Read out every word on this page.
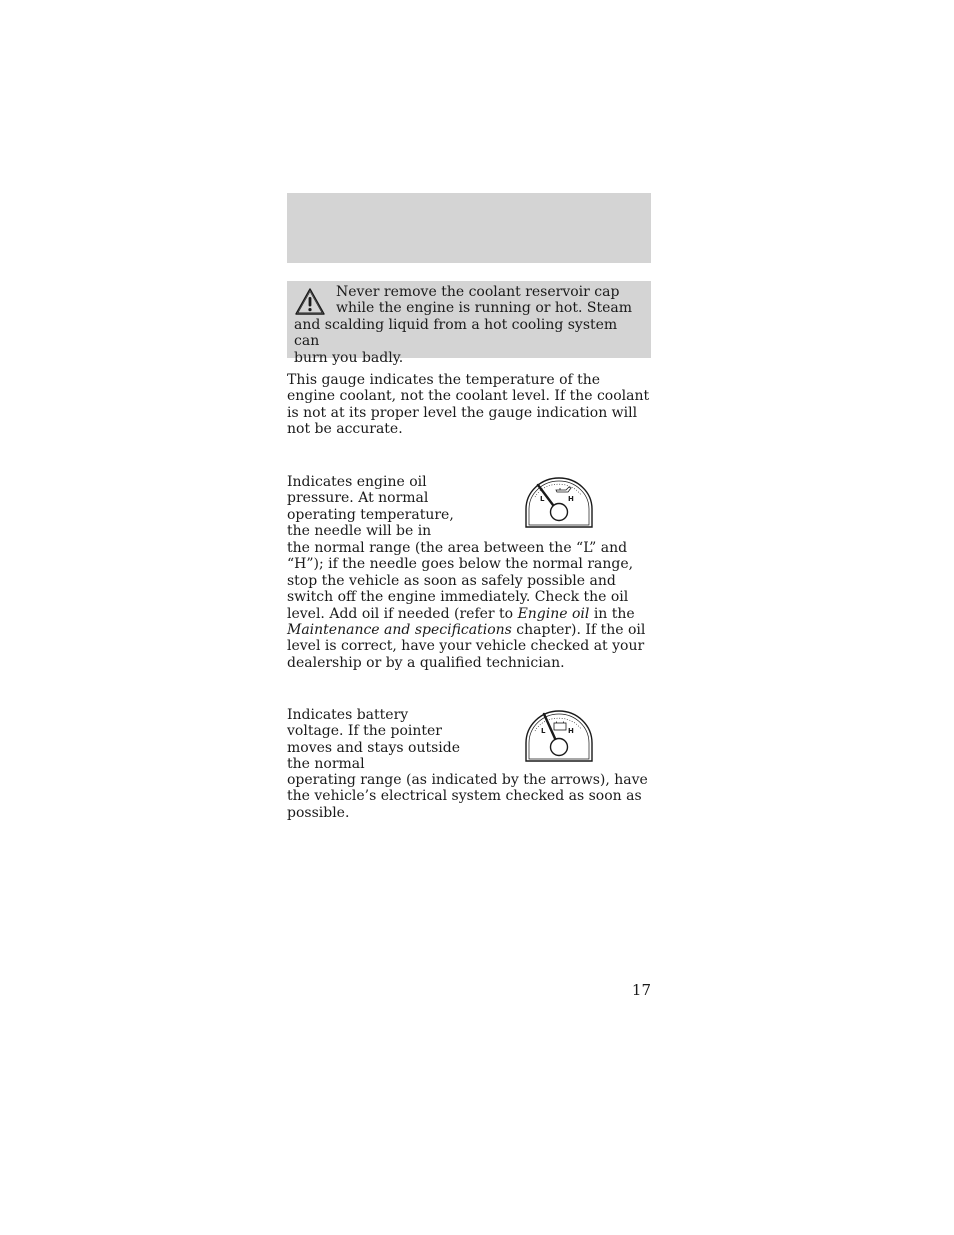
Never remove the coolant reservoir cap
while the engine is running or hot. Steam
and scalding liquid from a hot cooling system can
burn you badly.

This gauge indicates the temperature of the engine coolant, not the coolant level. If the coolant is not at its proper level the gauge indication will not be accurate.

Indicates engine oil pressure. At normal operating temperature, the needle will be in

L	H

the normal range (the area between the “L” and “H”); if the needle goes below the normal range, stop the vehicle as soon as safely possible and switch off the engine immediately. Check the oil level. Add oil if needed (refer to Engine oil in the Maintenance and specifications chapter). If the oil level is correct, have your vehicle checked at your dealership or by a qualified technician.

Indicates battery voltage. If the pointer moves and stays outside the normal

L	H

operating range (as indicated by the arrows), have the vehicle’s electrical system checked as soon as possible.

17
